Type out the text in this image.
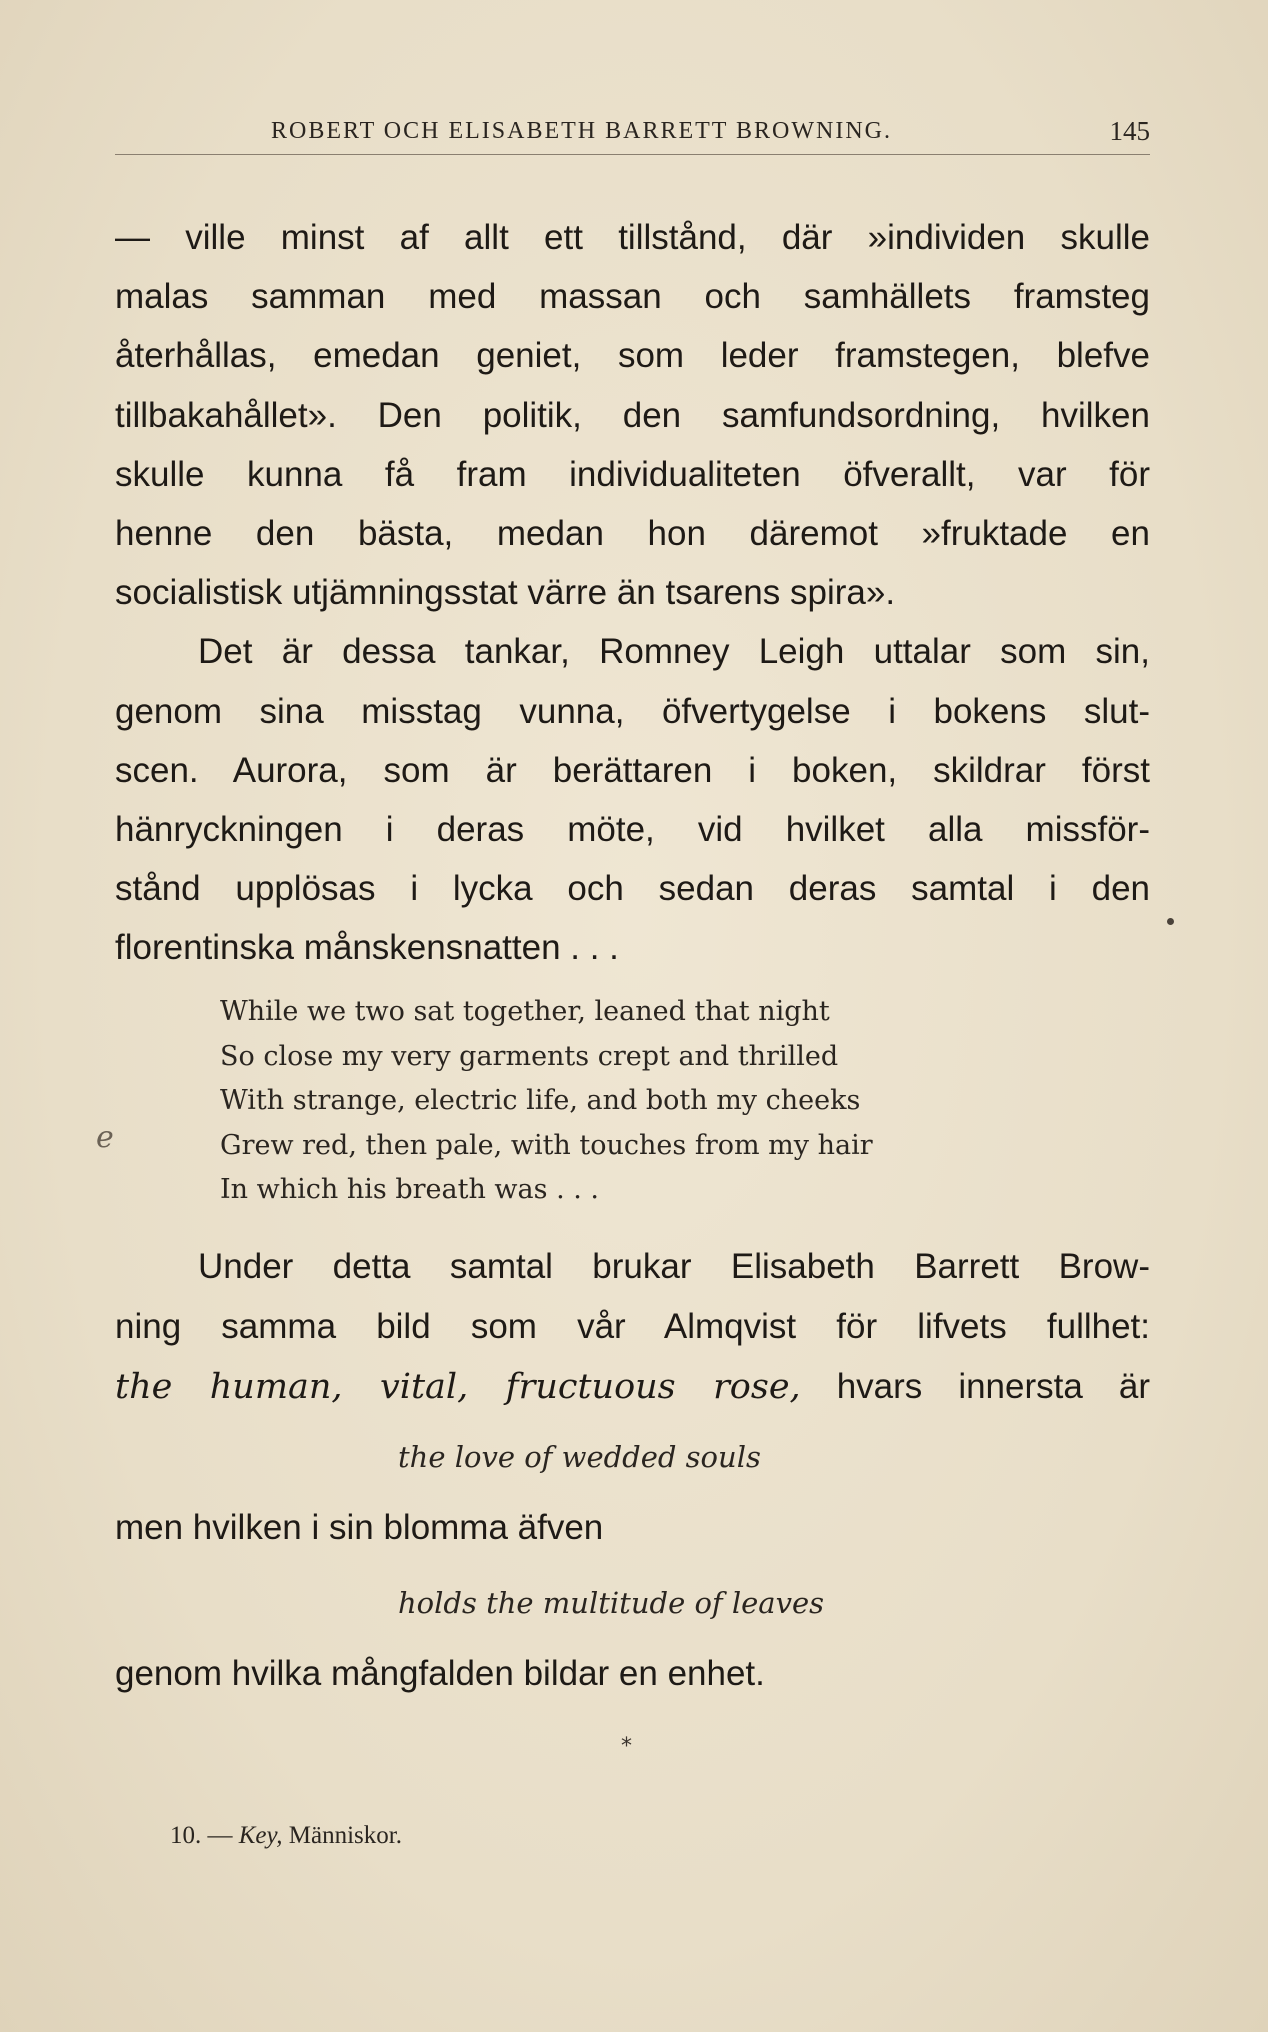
ROBERT OCH ELISABETH BARRETT BROWNING.	145
— ville minst af allt ett tillstånd, där »individen skulle
malas samman med massan och samhällets framsteg
återhållas, emedan geniet, som leder framstegen, blefve
tillbakahållet». Den politik, den samfundsordning, hvilken
skulle kunna få fram individualiteten öfverallt, var för
henne den bästa, medan hon däremot »fruktade en
socialistisk utjämningsstat värre än tsarens spira».
Det är dessa tankar, Romney Leigh uttalar som sin,
genom sina misstag vunna, öfvertygelse i bokens slut-
scen. Aurora, som är berättaren i boken, skildrar först
hänryckningen i deras möte, vid hvilket alla missför-
stånd upplösas i lycka och sedan deras samtal i den
florentinska månskensnatten . . .
While we two sat together, leaned that night
So close my very garments crept and thrilled
With strange, electric life, and both my cheeks
Grew red, then pale, with touches from my hair
In which his breath was . . .
e
Under detta samtal brukar Elisabeth Barrett Brow-
ning samma bild som vår Almqvist för lifvets fullhet:
the human, vital, fructuous rose, hvars innersta är
the love of wedded souls
men hvilken i sin blomma äfven
holds the multitude of leaves
genom hvilka mångfalden bildar en enhet.
*
10. — Key, Människor.
